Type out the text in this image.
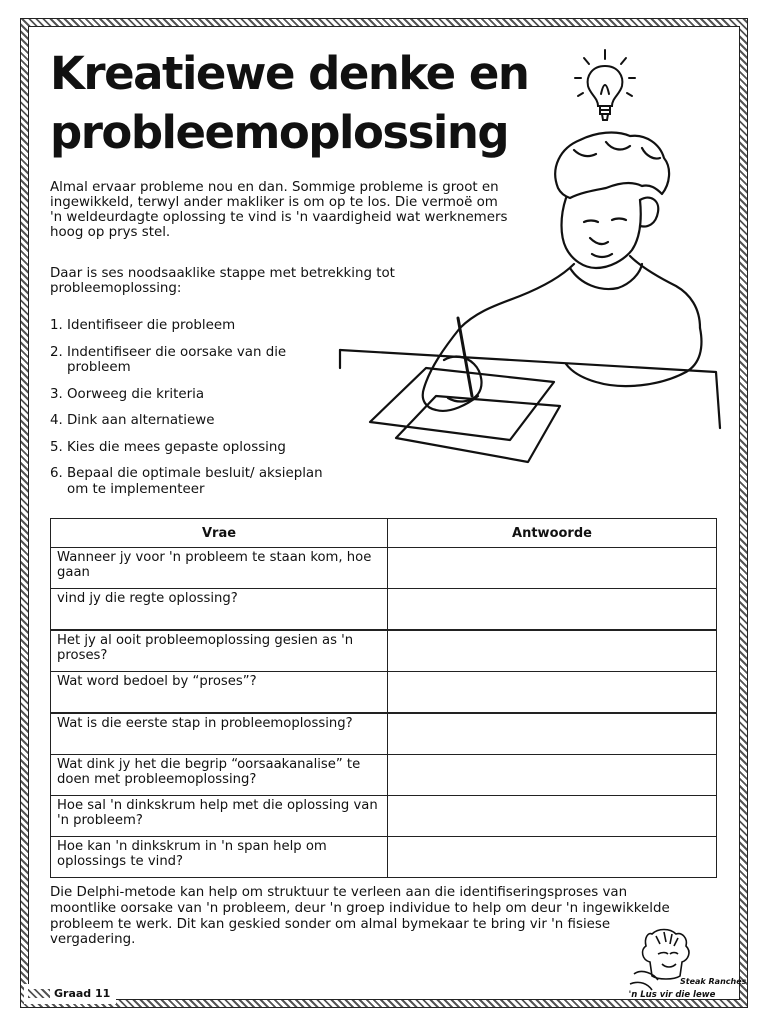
Kreatiewe denke en probleemoplossing

Almal ervaar probleme nou en dan. Sommige probleme is groot en ingewikkeld, terwyl ander makliker is om op te los. Die vermoë om 'n weldeurdagte oplossing te vind is 'n vaardigheid wat werknemers hoog op prys stel.

Daar is ses noodsaaklike stappe met betrekking tot probleemoplossing:

1. Identifiseer die probleem
2. Indentifiseer die oorsake van die probleem
3. Oorweeg die kriteria
4. Dink aan alternatiewe
5. Kies die mees gepaste oplossing
6. Bepaal die optimale besluit/ aksieplan om te implementeer
Vrae	Antwoorde
Wanneer jy voor 'n probleem te staan kom, hoe gaan	
vind jy die regte oplossing?	
Het jy al ooit probleemoplossing gesien as 'n proses?	
Wat word bedoel by “proses”?	
Wat is die eerste stap in probleemoplossing?	
Wat dink jy het die begrip “oorsaakanalise” te doen met probleemoplossing?	
Hoe sal 'n dinkskrum help met die oplossing van 'n probleem?	
Hoe kan 'n dinkskrum in 'n span help om oplossings te vind?	

Die Delphi-metode kan help om struktuur te verleen aan die identifiseringsproses van moontlike oorsake van 'n probleem, deur 'n groep individue to help om deur 'n ingewikkelde probleem te werk. Dit kan geskied sonder om almal bymekaar te bring vir 'n fisiese vergadering.

Graad 11
Steak Ranches
'n Lus vir die lewe
